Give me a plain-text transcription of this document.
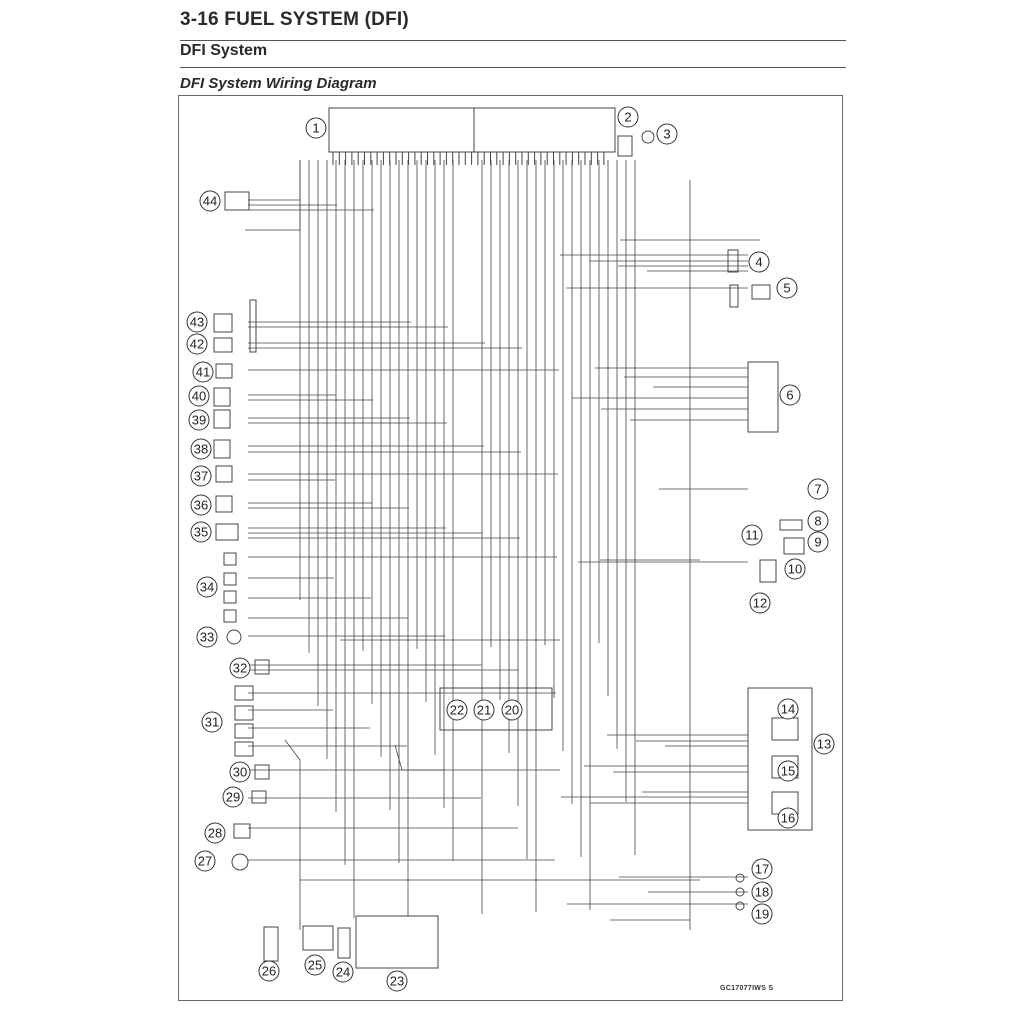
3-16 FUEL SYSTEM (DFI)
DFI System
DFI System Wiring Diagram
1
2
3
4
5
6
7
8
9
10
11
12
13
14
15
16
17
18
19
20
21
22
23
24
25
26
27
28
29
30
31
32
33
34
35
36
37
38
39
40
41
42
43
44
GC17077IWS S
